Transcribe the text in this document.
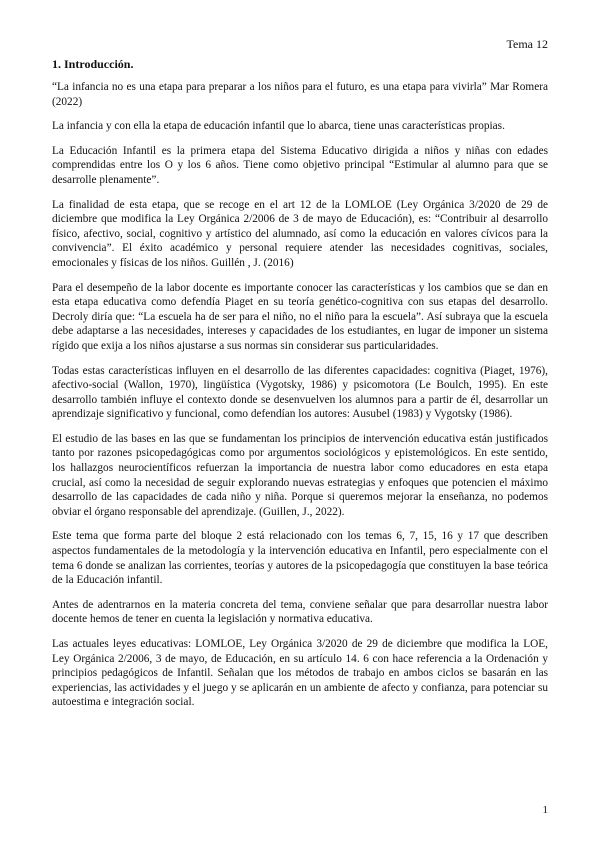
Tema 12
1. Introducción.

“La infancia no es una etapa para preparar a los niños para el futuro, es una etapa para vivirla” Mar Romera (2022)

La infancia y con ella la etapa de educación infantil que lo abarca, tiene unas características propias.

La Educación Infantil es la primera etapa del Sistema Educativo dirigida a niños y niñas con edades comprendidas entre los O y los 6 años. Tiene como objetivo principal “Estimular al alumno para que se desarrolle plenamente”.

La finalidad de esta etapa, que se recoge en el art 12 de la LOMLOE (Ley Orgánica 3/2020 de 29 de diciembre que modifica la Ley Orgánica 2/2006 de 3 de mayo de Educación), es: “Contribuir al desarrollo físico, afectivo, social, cognitivo y artístico del alumnado, así como la educación en valores cívicos para la convivencia”. El éxito académico y personal requiere atender las necesidades cognitivas, sociales, emocionales y físicas de los niños. Guillén , J. (2016)

Para el desempeño de la labor docente es importante conocer las características y los cambios que se dan en esta etapa educativa como defendía Piaget en su teoría genético-cognitiva con sus etapas del desarrollo. Decroly diría que: “La escuela ha de ser para el niño, no el niño para la escuela”. Así subraya que la escuela debe adaptarse a las necesidades, intereses y capacidades de los estudiantes, en lugar de imponer un sistema rígido que exija a los niños ajustarse a sus normas sin considerar sus particularidades.

Todas estas características influyen en el desarrollo de las diferentes capacidades: cognitiva (Piaget, 1976), afectivo-social (Wallon, 1970), lingüística (Vygotsky, 1986) y psicomotora (Le Boulch, 1995). En este desarrollo también influye el contexto donde se desenvuelven los alumnos para a partir de él, desarrollar un aprendizaje significativo y funcional, como defendían los autores: Ausubel (1983) y Vygotsky (1986).

El estudio de las bases en las que se fundamentan los principios de intervención educativa están justificados tanto por razones psicopedagógicas como por argumentos sociológicos y epistemológicos. En este sentido, los hallazgos neurocientíficos refuerzan la importancia de nuestra labor como educadores en esta etapa crucial, así como la necesidad de seguir explorando nuevas estrategias y enfoques que potencien el máximo desarrollo de las capacidades de cada niño y niña. Porque si queremos mejorar la enseñanza, no podemos obviar el órgano responsable del aprendizaje. (Guillen, J., 2022).

Este tema que forma parte del bloque 2 está relacionado con los temas 6, 7, 15, 16 y 17 que describen aspectos fundamentales de la metodología y la intervención educativa en Infantil, pero especialmente con el tema 6 donde se analizan las corrientes, teorías y autores de la psicopedagogía que constituyen la base teórica de la Educación infantil.

Antes de adentrarnos en la materia concreta del tema, conviene señalar que para desarrollar nuestra labor docente hemos de tener en cuenta la legislación y normativa educativa.

Las actuales leyes educativas: LOMLOE, Ley Orgánica 3/2020 de 29 de diciembre que modifica la LOE, Ley Orgánica 2/2006, 3 de mayo, de Educación, en su artículo 14. 6 con hace referencia a la Ordenación y principios pedagógicos de Infantil. Señalan que los métodos de trabajo en ambos ciclos se basarán en las experiencias, las actividades y el juego y se aplicarán en un ambiente de afecto y confianza, para potenciar su autoestima e integración social.

1
